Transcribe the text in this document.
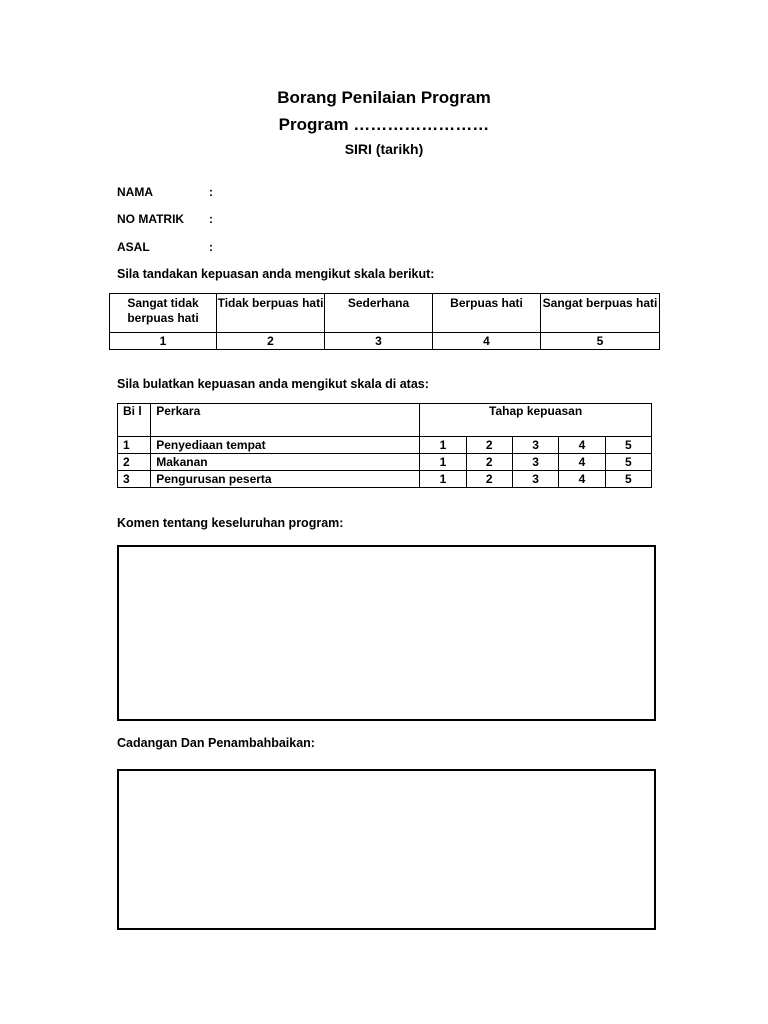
Borang Penilaian Program
Program ……………………
SIRI (tarikh)
NAMA	:
NO MATRIK :
ASAL	:
Sila tandakan kepuasan anda mengikut skala berikut:
Sangat tidak berpuas hati	Tidak berpuas hati	Sederhana	Berpuas hati	Sangat berpuas hati
1	2	3	4	5
Sila bulatkan kepuasan anda mengikut skala di atas:
Bi l	Perkara	Tahap kepuasan				
1	Penyediaan tempat	1	2	3	4	5
2	Makanan	1	2	3	4	5
3	Pengurusan peserta	1	2	3	4	5
Komen tentang keseluruhan program:
Cadangan Dan Penambahbaikan:
